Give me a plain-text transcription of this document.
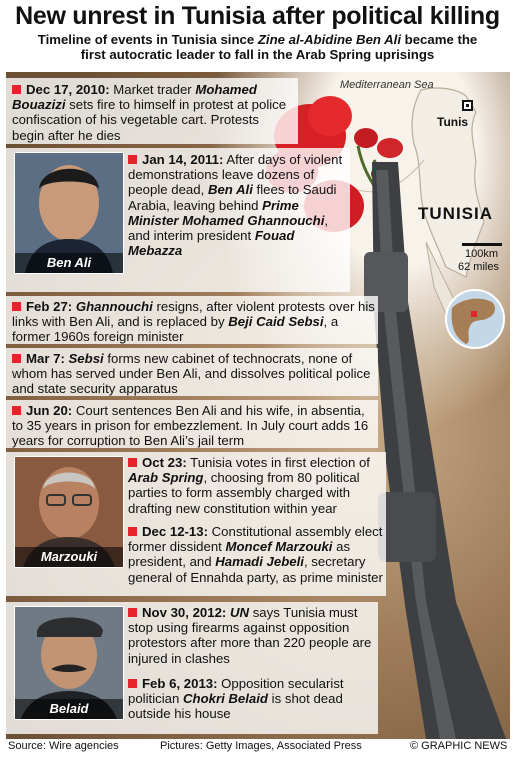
New unrest in Tunisia after political killing
Timeline of events in Tunisia since Zine al-Abidine Ben Ali became the
first autocratic leader to fall in the Arab Spring uprisings
Mediterranean Sea
Tunis
TUNISIA
100km
62 miles
Dec 17, 2010: Market trader Mohamed Bouazizi sets fire to himself in protest at police confiscation of his vegetable cart. Protests begin after he dies
Ben Ali
Jan 14, 2011: After days of violent demonstrations leave dozens of people dead, Ben Ali flees to Saudi Arabia, leaving behind Prime Minister Mohamed Ghannouchi, and interim president Fouad Mebazza
Feb 27: Ghannouchi resigns, after violent protests over his links with Ben Ali, and is replaced by Beji Caid Sebsi, a former 1960s foreign minister
Mar 7: Sebsi forms new cabinet of technocrats, none of whom has served under Ben Ali, and dissolves political police and state security apparatus
Jun 20: Court sentences Ben Ali and his wife, in absentia, to 35 years in prison for embezzlement. In July court adds 16 years for corruption to Ben Ali’s jail term
Marzouki
Oct 23: Tunisia votes in first election of Arab Spring, choosing from 80 political parties to form assembly charged with drafting new constitution within year
Dec 12-13: Constitutional assembly elect former dissident Moncef Marzouki as president, and Hamadi Jebeli, secretary general of Ennahda party, as prime minister
Belaid
Nov 30, 2012: UN says Tunisia must stop using firearms against opposition protestors after more than 220 people are injured in clashes
Feb 6, 2013: Opposition secularist politician Chokri Belaid is shot dead outside his house
Source: Wire agencies	Pictures: Getty Images, Associated Press	© GRAPHIC NEWS
